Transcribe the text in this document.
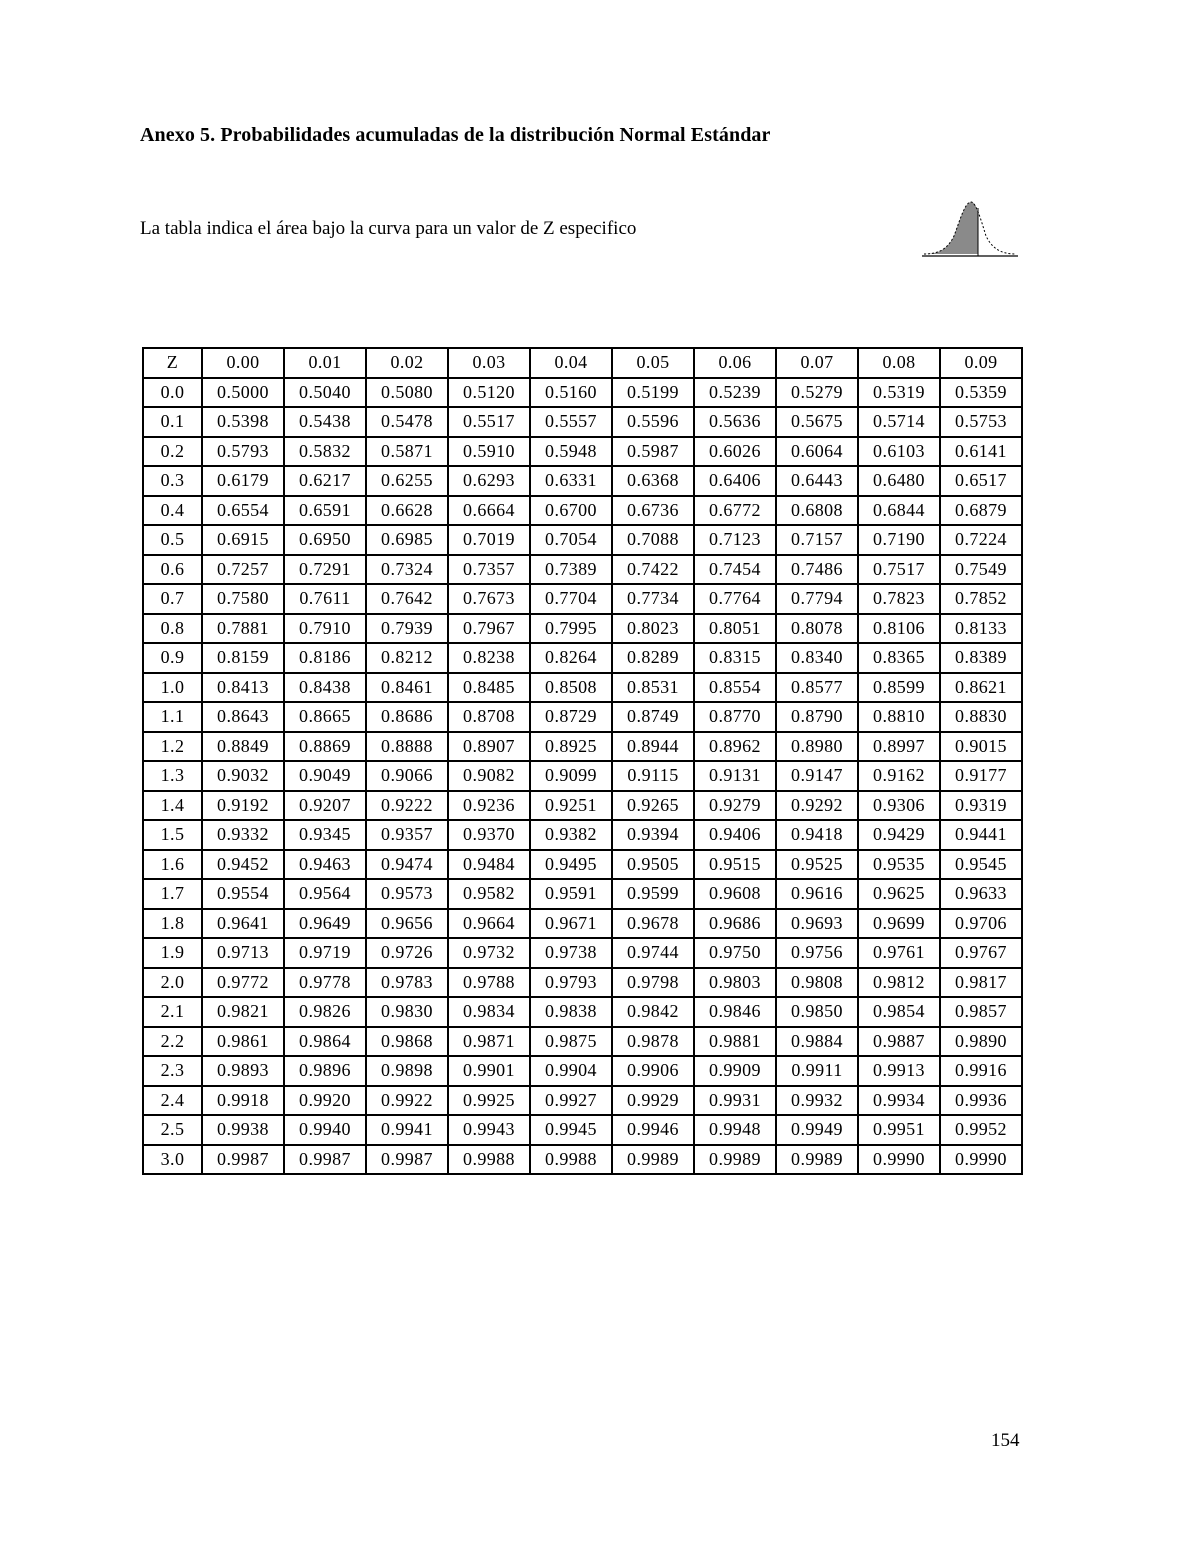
Anexo 5. Probabilidades acumuladas de la distribución Normal Estándar
La tabla indica el área bajo la curva para un valor de Z especifico
Z	0.00	0.01	0.02	0.03	0.04	0.05	0.06	0.07	0.08	0.09
0.0	0.5000	0.5040	0.5080	0.5120	0.5160	0.5199	0.5239	0.5279	0.5319	0.5359
0.1	0.5398	0.5438	0.5478	0.5517	0.5557	0.5596	0.5636	0.5675	0.5714	0.5753
0.2	0.5793	0.5832	0.5871	0.5910	0.5948	0.5987	0.6026	0.6064	0.6103	0.6141
0.3	0.6179	0.6217	0.6255	0.6293	0.6331	0.6368	0.6406	0.6443	0.6480	0.6517
0.4	0.6554	0.6591	0.6628	0.6664	0.6700	0.6736	0.6772	0.6808	0.6844	0.6879
0.5	0.6915	0.6950	0.6985	0.7019	0.7054	0.7088	0.7123	0.7157	0.7190	0.7224
0.6	0.7257	0.7291	0.7324	0.7357	0.7389	0.7422	0.7454	0.7486	0.7517	0.7549
0.7	0.7580	0.7611	0.7642	0.7673	0.7704	0.7734	0.7764	0.7794	0.7823	0.7852
0.8	0.7881	0.7910	0.7939	0.7967	0.7995	0.8023	0.8051	0.8078	0.8106	0.8133
0.9	0.8159	0.8186	0.8212	0.8238	0.8264	0.8289	0.8315	0.8340	0.8365	0.8389
1.0	0.8413	0.8438	0.8461	0.8485	0.8508	0.8531	0.8554	0.8577	0.8599	0.8621
1.1	0.8643	0.8665	0.8686	0.8708	0.8729	0.8749	0.8770	0.8790	0.8810	0.8830
1.2	0.8849	0.8869	0.8888	0.8907	0.8925	0.8944	0.8962	0.8980	0.8997	0.9015
1.3	0.9032	0.9049	0.9066	0.9082	0.9099	0.9115	0.9131	0.9147	0.9162	0.9177
1.4	0.9192	0.9207	0.9222	0.9236	0.9251	0.9265	0.9279	0.9292	0.9306	0.9319
1.5	0.9332	0.9345	0.9357	0.9370	0.9382	0.9394	0.9406	0.9418	0.9429	0.9441
1.6	0.9452	0.9463	0.9474	0.9484	0.9495	0.9505	0.9515	0.9525	0.9535	0.9545
1.7	0.9554	0.9564	0.9573	0.9582	0.9591	0.9599	0.9608	0.9616	0.9625	0.9633
1.8	0.9641	0.9649	0.9656	0.9664	0.9671	0.9678	0.9686	0.9693	0.9699	0.9706
1.9	0.9713	0.9719	0.9726	0.9732	0.9738	0.9744	0.9750	0.9756	0.9761	0.9767
2.0	0.9772	0.9778	0.9783	0.9788	0.9793	0.9798	0.9803	0.9808	0.9812	0.9817
2.1	0.9821	0.9826	0.9830	0.9834	0.9838	0.9842	0.9846	0.9850	0.9854	0.9857
2.2	0.9861	0.9864	0.9868	0.9871	0.9875	0.9878	0.9881	0.9884	0.9887	0.9890
2.3	0.9893	0.9896	0.9898	0.9901	0.9904	0.9906	0.9909	0.9911	0.9913	0.9916
2.4	0.9918	0.9920	0.9922	0.9925	0.9927	0.9929	0.9931	0.9932	0.9934	0.9936
2.5	0.9938	0.9940	0.9941	0.9943	0.9945	0.9946	0.9948	0.9949	0.9951	0.9952
3.0	0.9987	0.9987	0.9987	0.9988	0.9988	0.9989	0.9989	0.9989	0.9990	0.9990
154
